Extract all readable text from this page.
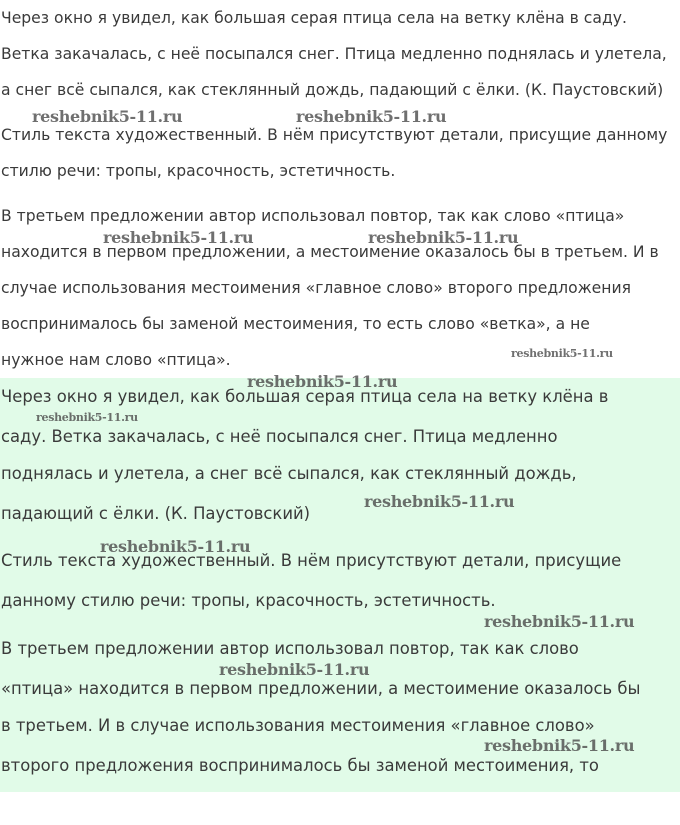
Через окно я увидел, как большая серая птица села на ветку клёна в саду.
Ветка закачалась, с неё посыпался снег. Птица медленно поднялась и улетела,
а снег всё сыпался, как стеклянный дождь, падающий с ёлки. (К. Паустовский)
Стиль текста художественный. В нём присутствуют детали, присущие данному
стилю речи: тропы, красочность, эстетичность.
В третьем предложении автор использовал повтор, так как слово «птица»
находится в первом предложении, а местоимение оказалось бы в третьем. И в
случае использования местоимения «главное слово» второго предложения
воспринималось бы заменой местоимения, то есть слово «ветка», а не
нужное нам слово «птица».
Через окно я увидел, как большая серая птица села на ветку клёна в
саду. Ветка закачалась, с неё посыпался снег. Птица медленно
поднялась и улетела, а снег всё сыпался, как стеклянный дождь,
падающий с ёлки. (К. Паустовский)
Стиль текста художественный. В нём присутствуют детали, присущие
данному стилю речи: тропы, красочность, эстетичность.
В третьем предложении автор использовал повтор, так как слово
«птица» находится в первом предложении, а местоимение оказалось бы
в третьем. И в случае использования местоимения «главное слово»
второго предложения воспринималось бы заменой местоимения, то
reshebnik5-11.ru	reshebnik5-11.ru
reshebnik5-11.ru	reshebnik5-11.ru
reshebnik5-11.ru
reshebnik5-11.ru
reshebnik5-11.ru
reshebnik5-11.ru
reshebnik5-11.ru
reshebnik5-11.ru
reshebnik5-11.ru
reshebnik5-11.ru
